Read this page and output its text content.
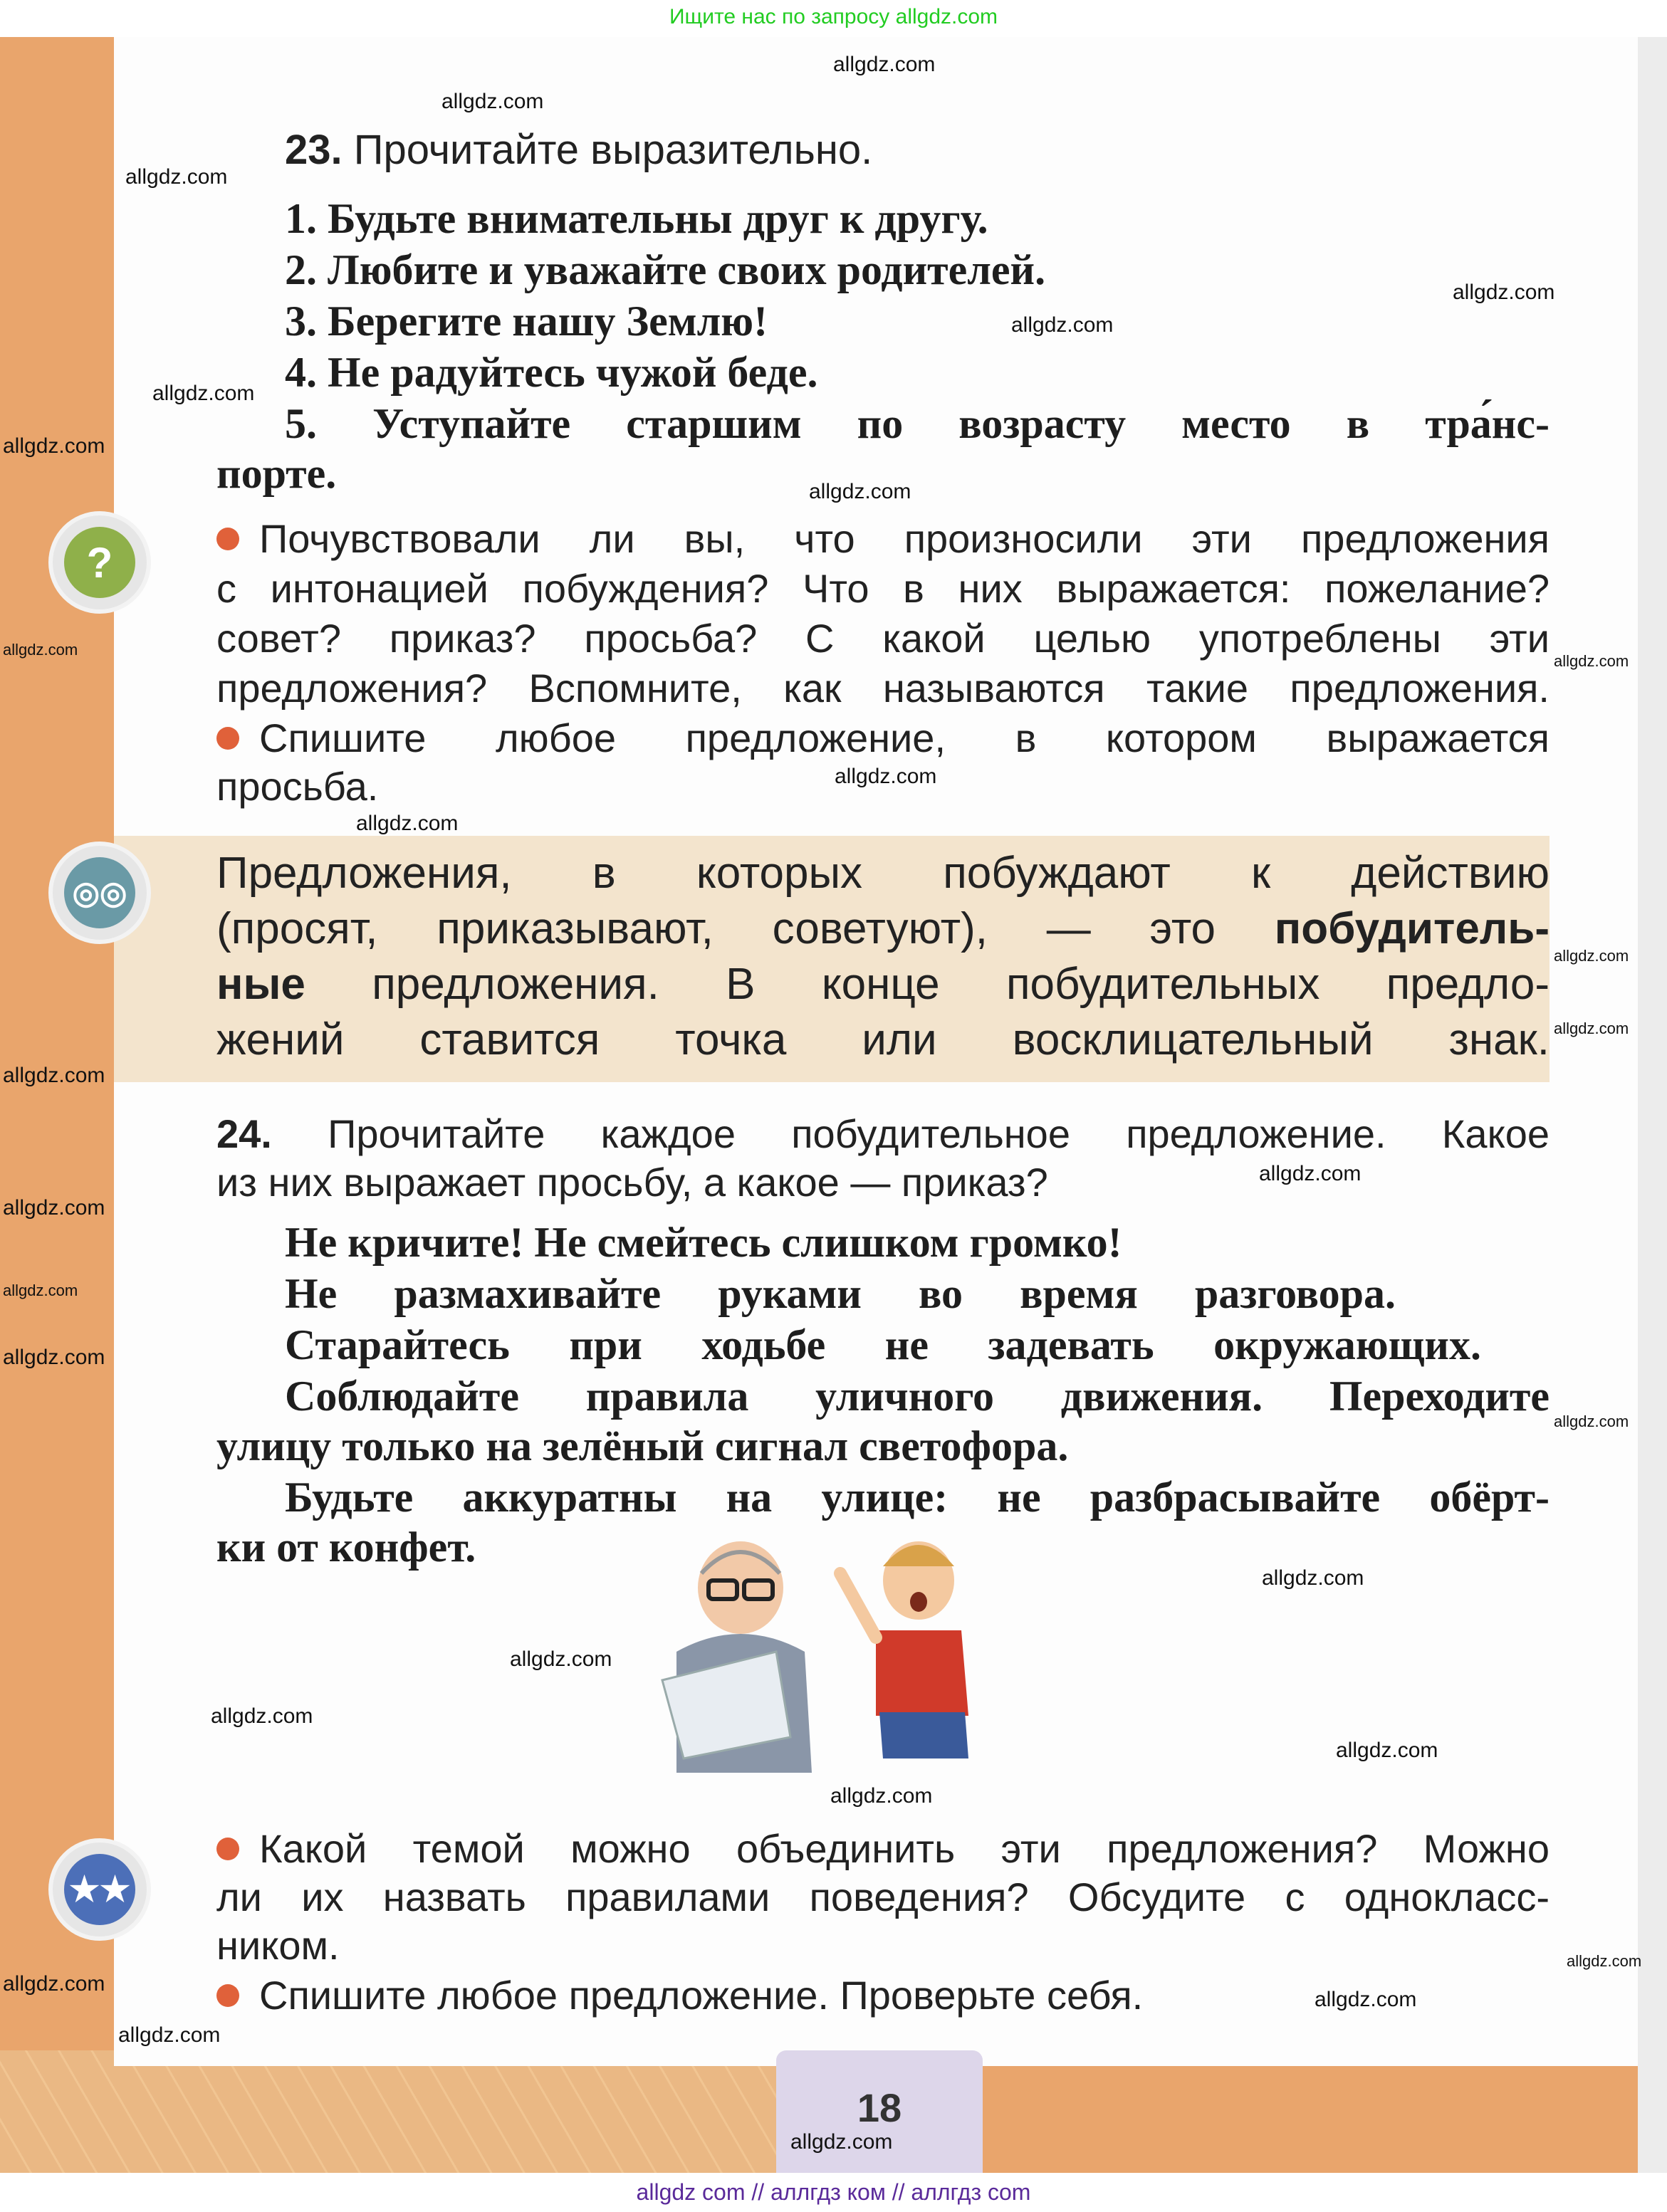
Ищите нас по запросу allgdz.com
23. Прочитайте выразительно.
1. Будьте внимательны друг к другу.
2. Любите и уважайте своих родителей.
3. Берегите нашу Землю!
4. Не радуйтесь чужой беде.
5. Уступайте старшим по возрасту место в тра́нс-
порте.
?	Почувствовали ли вы, что произносили эти предложения
с интонацией побуждения? Что в них выражается: пожелание?
совет? приказ? просьба? С какой целью употреблены эти
предложения? Вспомните, как называются такие предложения.
Спишите любое предложение, в котором выражается
просьба.
◎◎ Предложения, в которых побуждают к действию
(просят, приказывают, советуют), — это побудитель-
ные предложения. В конце побудительных предло-
жений ставится точка или восклицательный знак.
24. Прочитайте каждое побудительное предложение. Какое
из них выражает просьбу, а какое — приказ?
Не кричите! Не смейтесь слишком громко!
Не размахивайте руками во время разговора.
Старайтесь при ходьбе не задевать окружающих.
Соблюдайте правила уличного движения. Переходите
улицу только на зелёный сигнал светофора.
Будьте аккуратны на улице: не разбрасывайте обёрт-
ки от конфет.
★★
Какой темой можно объединить эти предложения? Можно
ли их назвать правилами поведения? Обсудите с однокласс-
ником.
Спишите любое предложение. Проверьте себя.
18
allgdz.com
allgdz.com
allgdz.com
allgdz.com
allgdz.com
allgdz.com
allgdz.com
allgdz.com
allgdz.com
allgdz.com
allgdz.com
allgdz.com
allgdz.com
allgdz.com
allgdz.com
allgdz.com
allgdz.com
allgdz.com
allgdz.com
allgdz.com
allgdz.com
allgdz.com
allgdz.com
allgdz.com
allgdz.com
allgdz.com
allgdz.com
allgdz.com
allgdz.com
allgdz.com
allgdz com // аллгдз ком // аллгдз com
